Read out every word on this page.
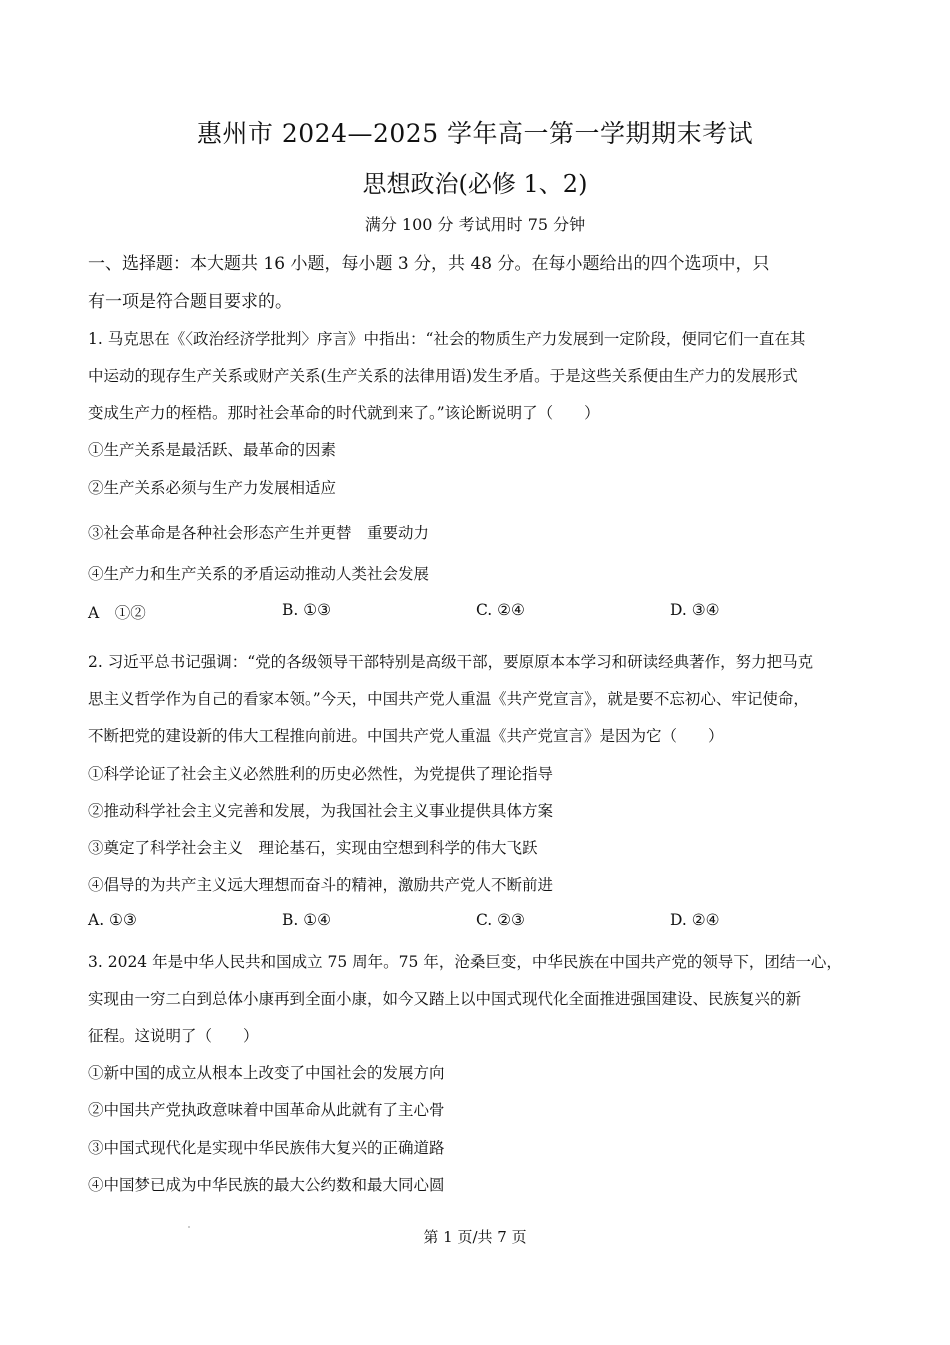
惠州市 2024—2025 学年高一第一学期期末考试
思想政治(必修 1、2)
满分 100 分 考试用时 75 分钟
一、选择题：本大题共 16 小题，每小题 3 分，共 48 分。在每小题给出的四个选项中，只
有一项是符合题目要求的。
1. 马克思在《〈政治经济学批判〉序言》中指出：“社会的物质生产力发展到一定阶段，便同它们一直在其
中运动的现存生产关系或财产关系(生产关系的法律用语)发生矛盾。于是这些关系便由生产力的发展形式
变成生产力的桎梏。那时社会革命的时代就到来了。”该论断说明了（　　）
①生产关系是最活跃、最革命的因素
②生产关系必须与生产力发展相适应
③社会革命是各种社会形态产生并更替　重要动力
④生产力和生产关系的矛盾运动推动人类社会发展
A　①②	B. ①③	C. ②④	D. ③④
2. 习近平总书记强调：“党的各级领导干部特别是高级干部，要原原本本学习和研读经典著作，努力把马克
思主义哲学作为自己的看家本领。”今天，中国共产党人重温《共产党宣言》，就是要不忘初心、牢记使命，
不断把党的建设新的伟大工程推向前进。中国共产党人重温《共产党宣言》是因为它（　　）
①科学论证了社会主义必然胜利的历史必然性，为党提供了理论指导
②推动科学社会主义完善和发展，为我国社会主义事业提供具体方案
③奠定了科学社会主义　理论基石，实现由空想到科学的伟大飞跃
④倡导的为共产主义远大理想而奋斗的精神，激励共产党人不断前进
A. ①③	B. ①④	C. ②③	D. ②④
3. 2024 年是中华人民共和国成立 75 周年。75 年，沧桑巨变，中华民族在中国共产党的领导下，团结一心，
实现由一穷二白到总体小康再到全面小康，如今又踏上以中国式现代化全面推进强国建设、民族复兴的新
征程。这说明了（　　）
①新中国的成立从根本上改变了中国社会的发展方向
②中国共产党执政意味着中国革命从此就有了主心骨
③中国式现代化是实现中华民族伟大复兴的正确道路
④中国梦已成为中华民族的最大公约数和最大同心圆
第 1 页/共 7 页
